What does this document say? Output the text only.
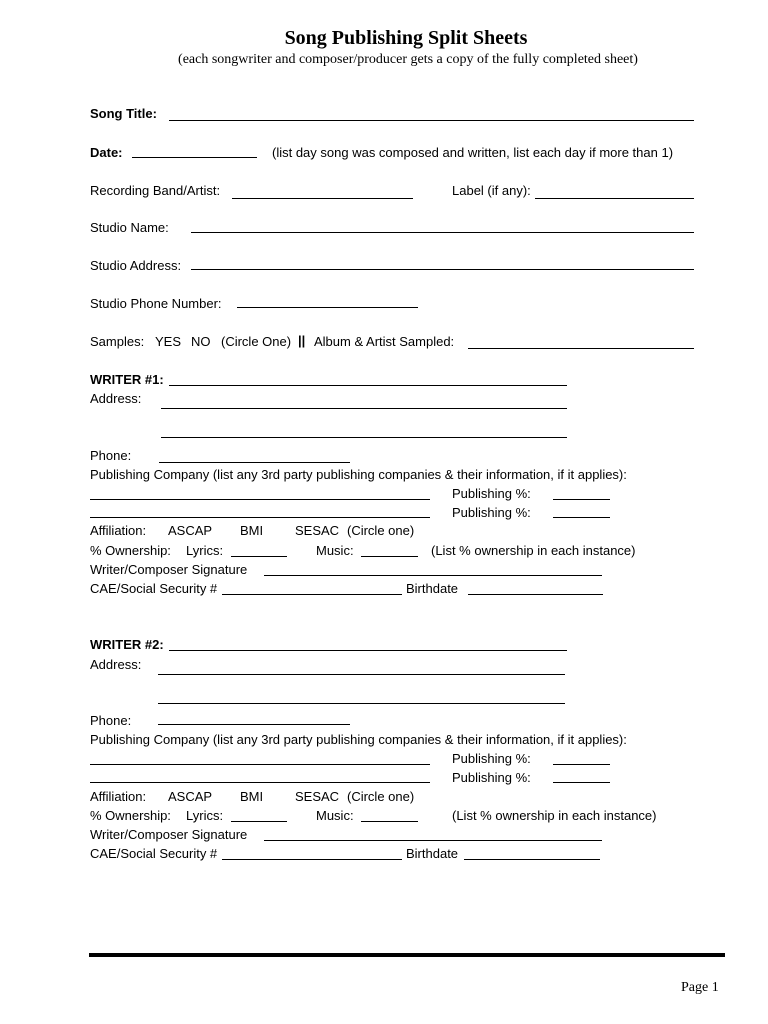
Song Publishing Split Sheets
(each songwriter and composer/producer gets a copy of the fully completed sheet)
Song Title:
Date:	(list day song was composed and written, list each day if more than 1)
Recording Band/Artist:	Label (if any):
Studio Name:
Studio Address:
Studio Phone Number:
Samples: YES NO (Circle One) || Album & Artist Sampled:
WRITER #1:
Address:
Phone:
Publishing Company (list any 3rd party publishing companies & their information, if it applies):
Publishing %:
Publishing %:
Affiliation: ASCAP BMI SESAC (Circle one)
% Ownership: Lyrics:	Music:	(List % ownership in each instance)
Writer/Composer Signature
CAE/Social Security #	Birthdate
WRITER #2:
Address:
Phone:
Publishing Company (list any 3rd party publishing companies & their information, if it applies):
Publishing %:
Publishing %:
Affiliation: ASCAP BMI SESAC (Circle one)
% Ownership: Lyrics:	Music:	(List % ownership in each instance)
Writer/Composer Signature
CAE/Social Security #	Birthdate
Page 1
